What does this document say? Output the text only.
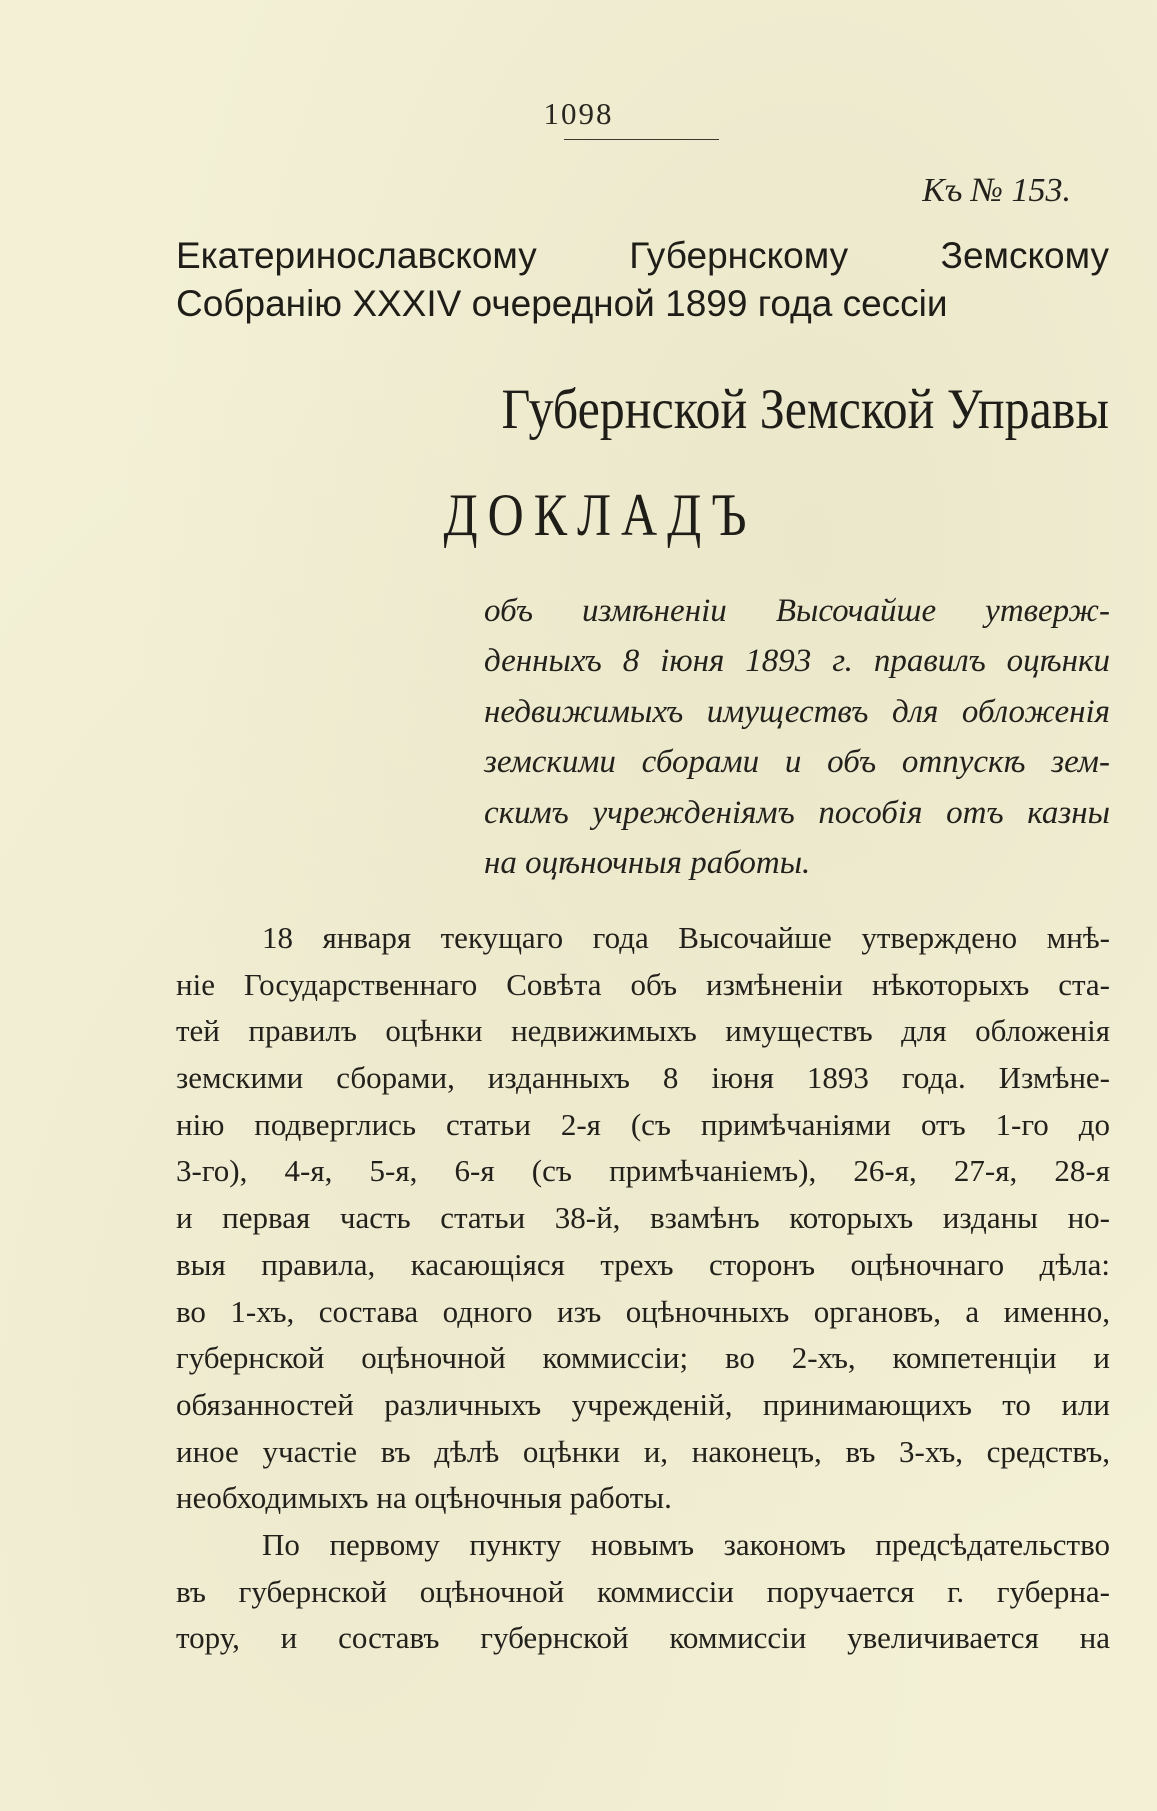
1098
Къ № 153.
Екатеринославскому Губернскому Земскому
Собранію XXXIV очередной 1899 года сессіи
Губернской Земской Управы
ДОКЛАДЪ
объ измѣненіи Высочайше утверж-
денныхъ 8 іюня 1893 г. правилъ оцѣнки
недвижимыхъ имуществъ для обложенія
земскими сборами и объ отпускѣ зем-
скимъ учрежденіямъ пособія отъ казны
на оцѣночныя работы.
18 января текущаго года Высочайше утверждено мнѣ-
ніе Государственнаго Совѣта объ измѣненіи нѣкоторыхъ ста-
тей правилъ оцѣнки недвижимыхъ имуществъ для обложенія
земскими сборами, изданныхъ 8 іюня 1893 года. Измѣне-
нію подверглись статьи 2-я (съ примѣчаніями отъ 1-го до
3-го), 4-я, 5-я, 6-я (съ примѣчаніемъ), 26-я, 27-я, 28-я
и первая часть статьи 38-й, взамѣнъ которыхъ изданы но-
выя правила, касающіяся трехъ сторонъ оцѣночнаго дѣла:
во 1-хъ, состава одного изъ оцѣночныхъ органовъ, а именно,
губернской оцѣночной коммиссіи; во 2-хъ, компетенціи и
обязанностей различныхъ учрежденій, принимающихъ то или
иное участіе въ дѣлѣ оцѣнки и, наконецъ, въ 3-хъ, средствъ,
необходимыхъ на оцѣночныя работы.
По первому пункту новымъ закономъ предсѣдательство
въ губернской оцѣночной коммиссіи поручается г. губерна-
тору, и составъ губернской коммиссіи увеличивается на
